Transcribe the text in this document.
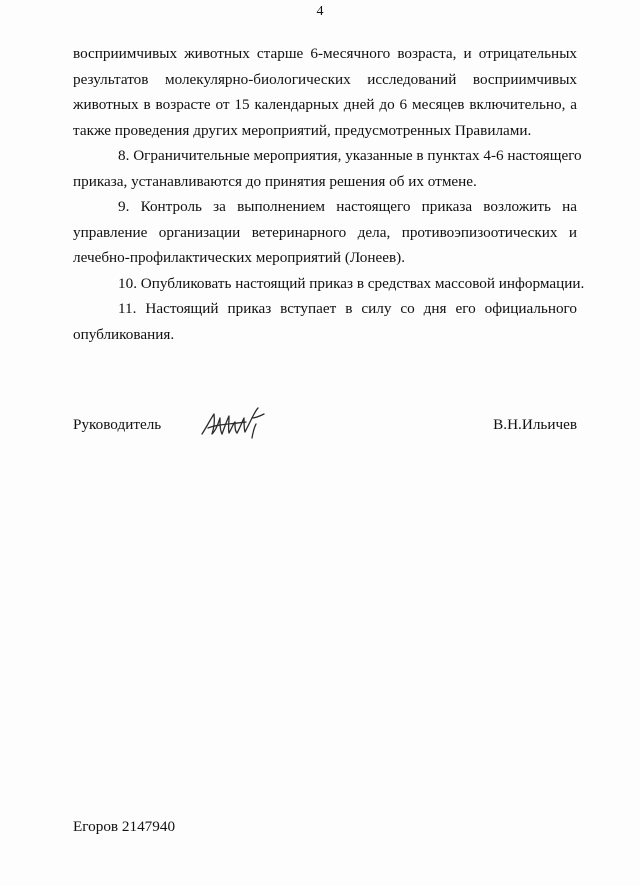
4

восприимчивых животных старше 6-месячного возраста, и отрицательных
результатов молекулярно-биологических исследований восприимчивых
животных в возрасте от 15 календарных дней до 6 месяцев включительно, а
также проведения других мероприятий, предусмотренных Правилами.

8. Ограничительные мероприятия, указанные в пунктах 4-6 настоящего
приказа, устанавливаются до принятия решения об их отмене.

9. Контроль за выполнением настоящего приказа возложить на
управление организации ветеринарного дела, противоэпизоотических и
лечебно-профилактических мероприятий (Лонеев).

10. Опубликовать настоящий приказ в средствах массовой информации.

11. Настоящий приказ вступает в силу со дня его официального
опубликования.

Руководитель	В.Н.Ильичев
Егоров 2147940
